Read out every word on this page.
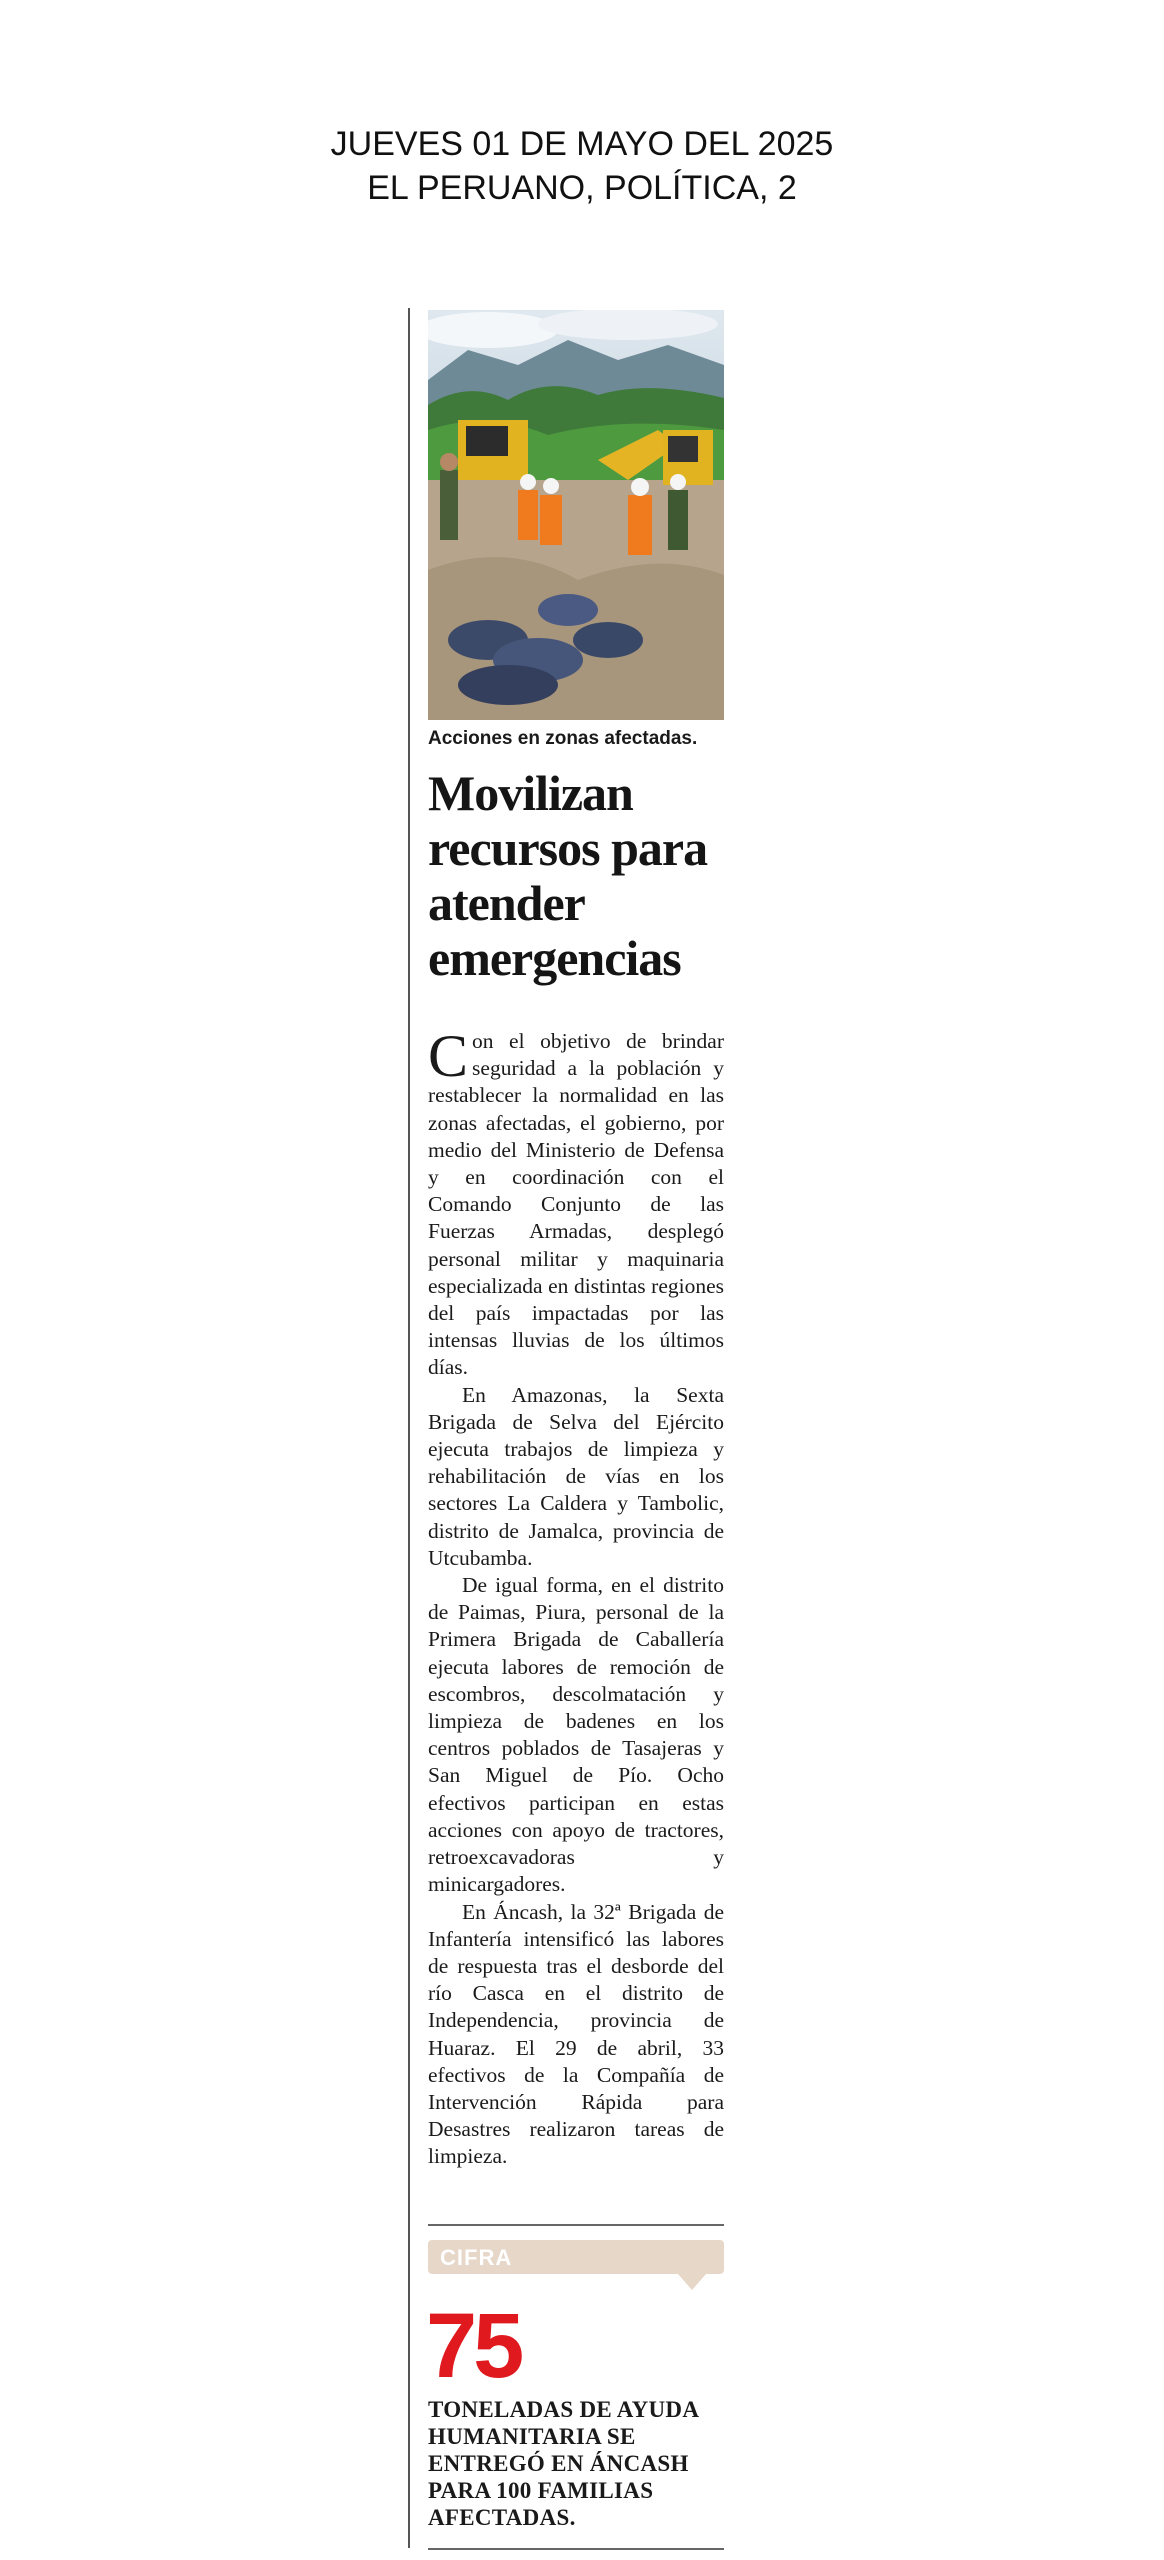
JUEVES 01 DE MAYO DEL 2025
EL PERUANO, POLÍTICA, 2
Acciones en zonas afectadas.
Movilizan recursos para atender emergencias

Con el objetivo de brindar seguridad a la población y restablecer la normalidad en las zonas afectadas, el gobierno, por medio del Ministerio de Defensa y en coordinación con el Comando Conjunto de las Fuerzas Armadas, desplegó personal militar y maquinaria especializada en distintas regiones del país impactadas por las intensas lluvias de los últimos días.

En Amazonas, la Sexta Brigada de Selva del Ejército ejecuta trabajos de limpieza y rehabilitación de vías en los sectores La Caldera y Tambolic, distrito de Jamalca, provincia de Utcubamba.

De igual forma, en el distrito de Paimas, Piura, personal de la Primera Brigada de Caballería ejecuta labores de remoción de escombros, descolmatación y limpieza de badenes en los centros poblados de Tasajeras y San Miguel de Pío. Ocho efectivos participan en estas acciones con apoyo de tractores, retroexcavadoras y minicargadores.

En Áncash, la 32ª Brigada de Infantería intensificó las labores de respuesta tras el desborde del río Casca en el distrito de Independencia, provincia de Huaraz. El 29 de abril, 33 efectivos de la Compañía de Intervención Rápida para Desastres realizaron tareas de limpieza.

CIFRA
75
TONELADAS DE AYUDA HUMANITARIA SE ENTREGÓ EN ÁNCASH PARA 100 FAMILIAS AFECTADAS.
